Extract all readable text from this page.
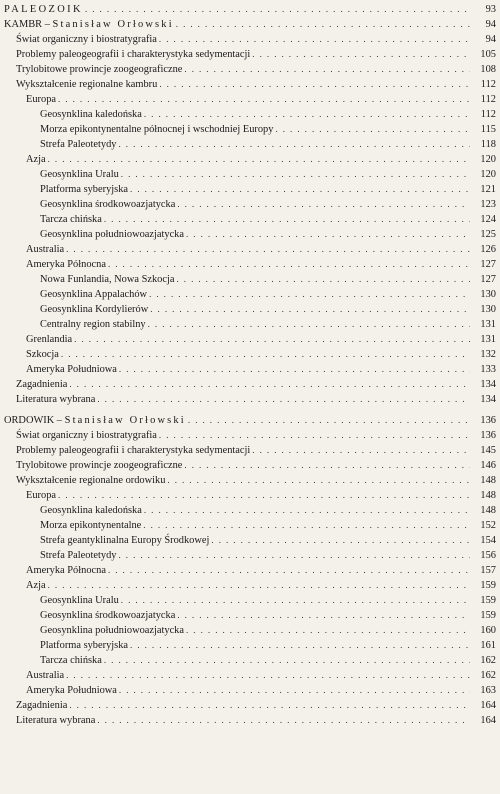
PALEOZOIK . . .	93
KAMBR – Stanisław Orłowski . . .	94
Świat organiczny i biostratygrafia . . .	94
Problemy paleogeografii i charakterystyka sedymentacji . . .	105
Trylobitowe prowincje zoogeograficzne . . .	108
Wykształcenie regionalne kambru . . .	112
Europa . . .	112
Geosynklina kaledońska . . .	112
Morza epikontynentalne północnej i wschodniej Europy . . .	115
Strefa Paleotetydy . . .	118
Azja . . .	120
Geosynklina Uralu . . .	120
Platforma syberyjska . . .	121
Geosynklina środkowoazjatycka . . .	123
Tarcza chińska . . .	124
Geosynklina południowoazjatycka . . .	125
Australia . . .	126
Ameryka Północna . . .	127
Nowa Funlandia, Nowa Szkocja . . .	127
Geosynklina Appalachów . . .	130
Geosynklina Kordylierów . . .	130
Centralny region stabilny . . .	131
Grenlandia . . .	131
Szkocja . . .	132
Ameryka Południowa . . .	133
Zagadnienia . . .	134
Literatura wybrana . . .	134
ORDOWIK – Stanisław Orłowski . . .	136
Świat organiczny i biostratygrafia . . .	136
Problemy paleogeografii i charakterystyka sedymentacji . . .	145
Trylobitowe prowincje zoogeograficzne . . .	146
Wykształcenie regionalne ordowiku . . .	148
Europa . . .	148
Geosynklina kaledońska . . .	148
Morza epikontynentalne . . .	152
Strefa geantyklinalna Europy Środkowej . . .	154
Strefa Paleotetydy . . .	156
Ameryka Północna . . .	157
Azja . . .	159
Geosynklina Uralu . . .	159
Geosynklina środkowoazjatycka . . .	159
Geosynklina południowoazjatycka . . .	160
Platforma syberyjska . . .	161
Tarcza chińska . . .	162
Australia . . .	162
Ameryka Południowa . . .	163
Zagadnienia . . .	164
Literatura wybrana . . .	164
